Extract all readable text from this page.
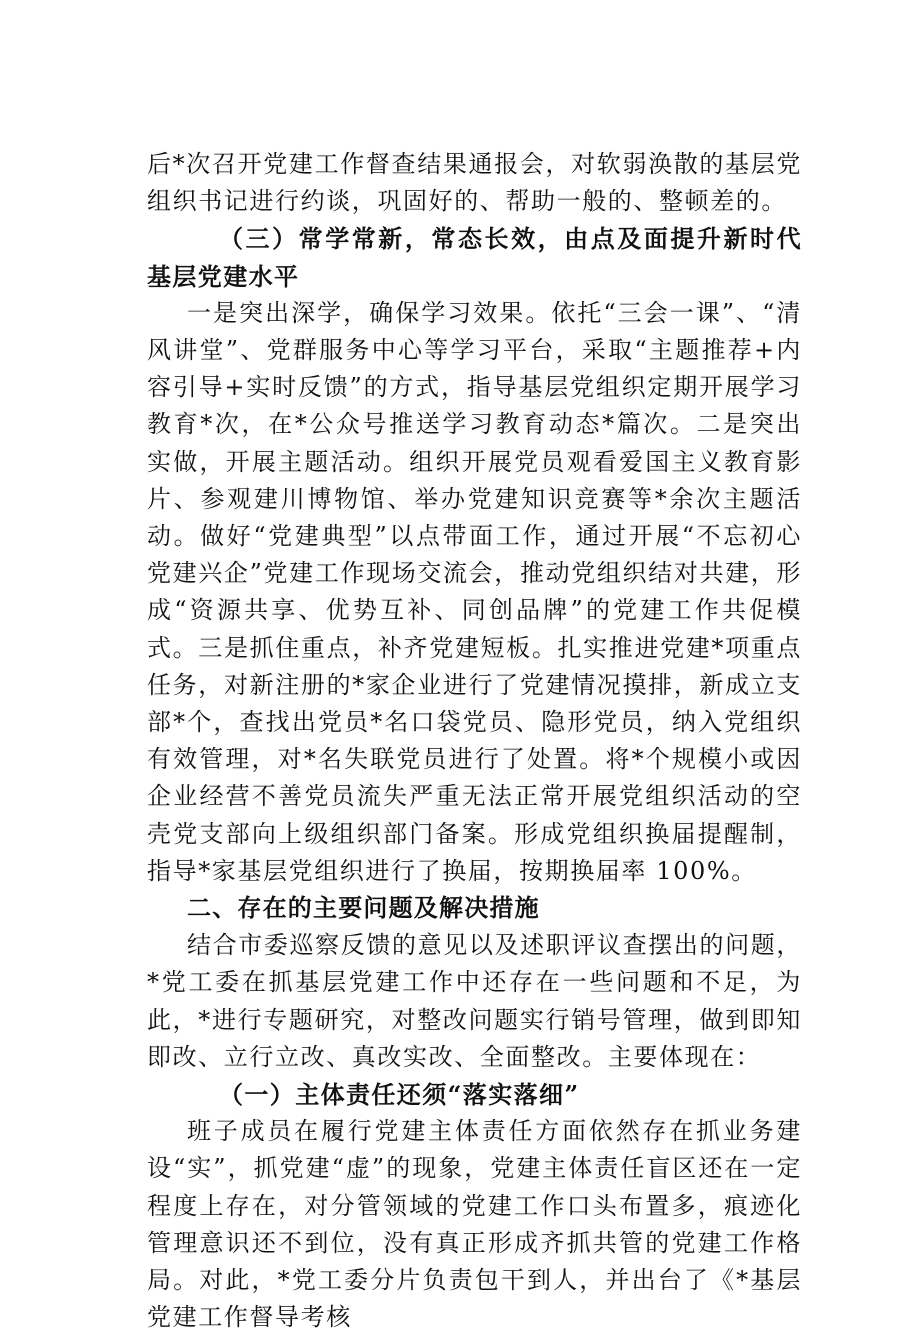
后*次召开党建工作督查结果通报会，对软弱涣散的基层党组织书记进行约谈，巩固好的、帮助一般的、整顿差的。

（三）常学常新，常态长效，由点及面提升新时代基层党建水平

一是突出深学，确保学习效果。依托“三会一课”、“清风讲堂”、党群服务中心等学习平台，采取“主题推荐+内容引导+实时反馈”的方式，指导基层党组织定期开展学习教育*次，在*公众号推送学习教育动态*篇次。二是突出实做，开展主题活动。组织开展党员观看爱国主义教育影片、参观建川博物馆、举办党建知识竞赛等*余次主题活动。做好“党建典型”以点带面工作，通过开展“不忘初心党建兴企”党建工作现场交流会，推动党组织结对共建，形成“资源共享、优势互补、同创品牌”的党建工作共促模式。三是抓住重点，补齐党建短板。扎实推进党建*项重点任务，对新注册的*家企业进行了党建情况摸排，新成立支部*个，查找出党员*名口袋党员、隐形党员，纳入党组织有效管理，对*名失联党员进行了处置。将*个规模小或因企业经营不善党员流失严重无法正常开展党组织活动的空壳党支部向上级组织部门备案。形成党组织换届提醒制，指导*家基层党组织进行了换届，按期换届率 100%。

二、存在的主要问题及解决措施

结合市委巡察反馈的意见以及述职评议查摆出的问题，*党工委在抓基层党建工作中还存在一些问题和不足，为此，*进行专题研究，对整改问题实行销号管理，做到即知即改、立行立改、真改实改、全面整改。主要体现在：

（一）主体责任还须“落实落细”

班子成员在履行党建主体责任方面依然存在抓业务建设“实”，抓党建“虚”的现象，党建主体责任盲区还在一定程度上存在，对分管领域的党建工作口头布置多，痕迹化管理意识还不到位，没有真正形成齐抓共管的党建工作格局。对此，*党工委分片负责包干到人，并出台了《*基层党建工作督导考核
